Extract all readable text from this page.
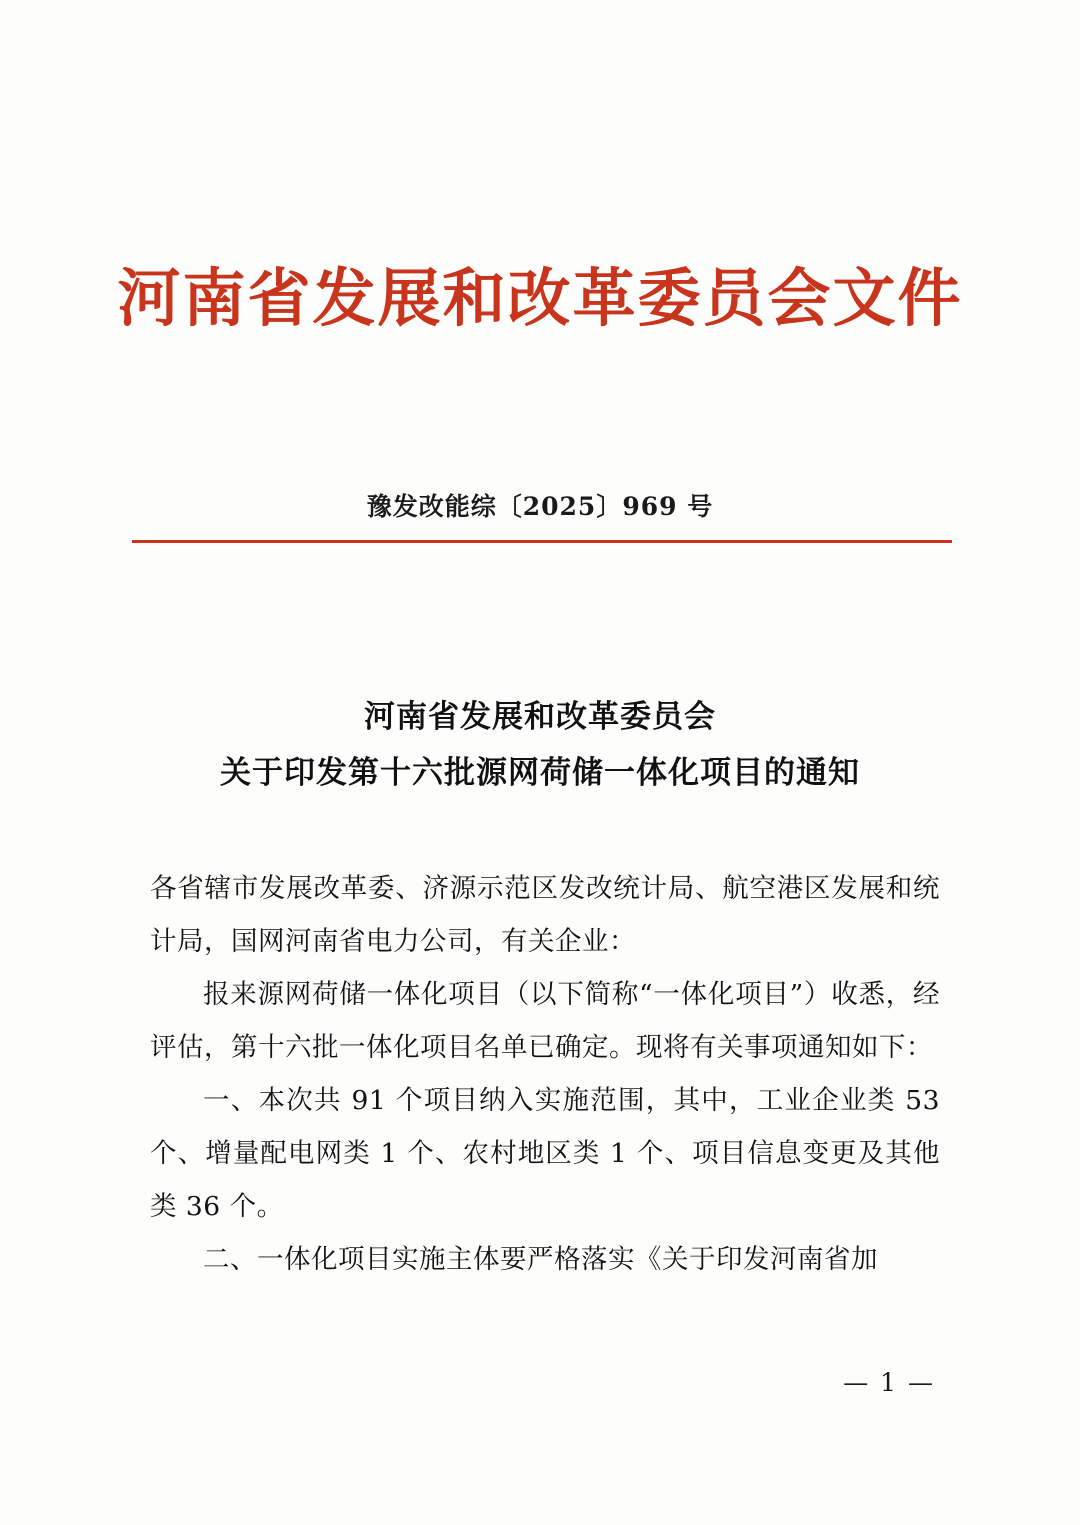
河南省发展和改革委员会文件
豫发改能综〔2025〕969 号
河南省发展和改革委员会
关于印发第十六批源网荷储一体化项目的通知

各省辖市发展改革委、济源示范区发改统计局、航空港区发展和统计局，国网河南省电力公司，有关企业：

报来源网荷储一体化项目（以下简称“一体化项目”）收悉，经评估，第十六批一体化项目名单已确定。现将有关事项通知如下：

一、本次共 91 个项目纳入实施范围，其中，工业企业类 53 个、增量配电网类 1 个、农村地区类 1 个、项目信息变更及其他类 36 个。

二、一体化项目实施主体要严格落实《关于印发河南省加

— 1 —
